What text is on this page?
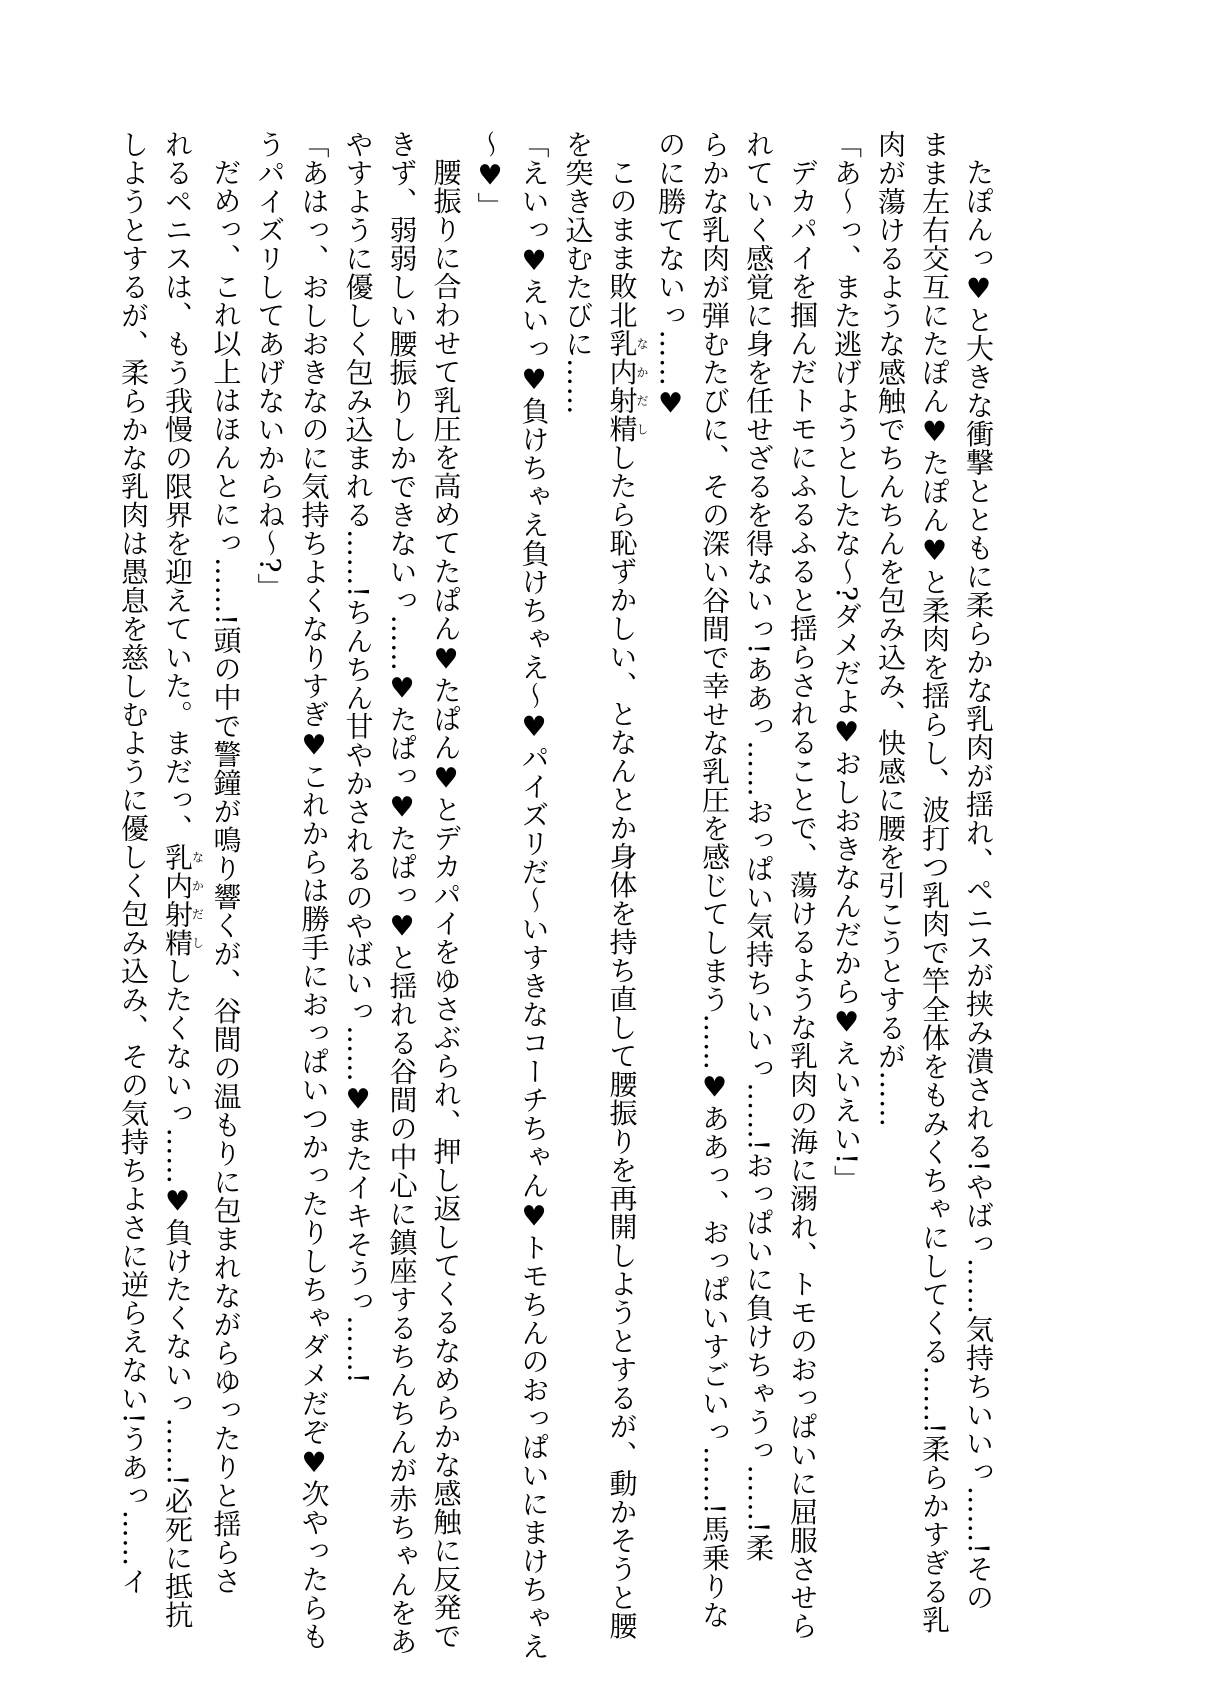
たぽんっ♥と大きな衝撃とともに柔らかな乳肉が揺れ、ペニスが挟み潰される!やばっ……気持ちいいっ……!その
まま左右交互にたぽん♥たぽん♥と柔肉を揺らし、波打つ乳肉で竿全体をもみくちゃにしてくる……!柔らかすぎる乳
肉が蕩けるような感触でちんちんを包み込み、快感に腰を引こうとするが……
「あ〜っ、また逃げようとしたな〜?ダメだよ♥おしおきなんだから♥えいえい!」
デカパイを掴んだトモにふるふると揺らされることで、蕩けるような乳肉の海に溺れ、トモのおっぱいに屈服させら
れていく感覚に身を任せざるを得ないっ!ああっ……おっぱい気持ちいいっ……!おっぱいに負けちゃうっ……!柔
らかな乳肉が弾むたびに、その深い谷間で幸せな乳圧を感じてしまう……♥ああっ、おっぱいすごいっ……!馬乗りな
のに勝てないっ……♥
このまま敗北乳内射精なかだししたら恥ずかしい、となんとか身体を持ち直して腰振りを再開しようとするが、動かそうと腰
を突き込むたびに……
「えいっ♥えいっ♥負けちゃえ負けちゃえ〜♥パイズリだ〜いすきなコーチちゃん♥トモちんのおっぱいにまけちゃえ
〜♥」
腰振りに合わせて乳圧を高めてたぱん♥たぱん♥とデカパイをゆさぶられ、押し返してくるなめらかな感触に反発で
きず、弱弱しい腰振りしかできないっ……♥たぱっ♥たぱっ♥と揺れる谷間の中心に鎮座するちんちんが赤ちゃんをあ
やすように優しく包み込まれる……!ちんちん甘やかされるのやばいっ……♥またイキそうっ……!
「あはっ、おしおきなのに気持ちよくなりすぎ♥これからは勝手におっぱいつかったりしちゃダメだぞ♥次やったらも
うパイズリしてあげないからね〜?」
だめっ、これ以上はほんとにっ……!頭の中で警鐘が鳴り響くが、谷間の温もりに包まれながらゆったりと揺らさ
れるペニスは、もう我慢の限界を迎えていた。まだっ、乳内射精なかだししたくないっ……♥負けたくないっ……!必死に抵抗
しようとするが、柔らかな乳肉は愚息を慈しむように優しく包み込み、その気持ちよさに逆らえない!うあっ……イ
